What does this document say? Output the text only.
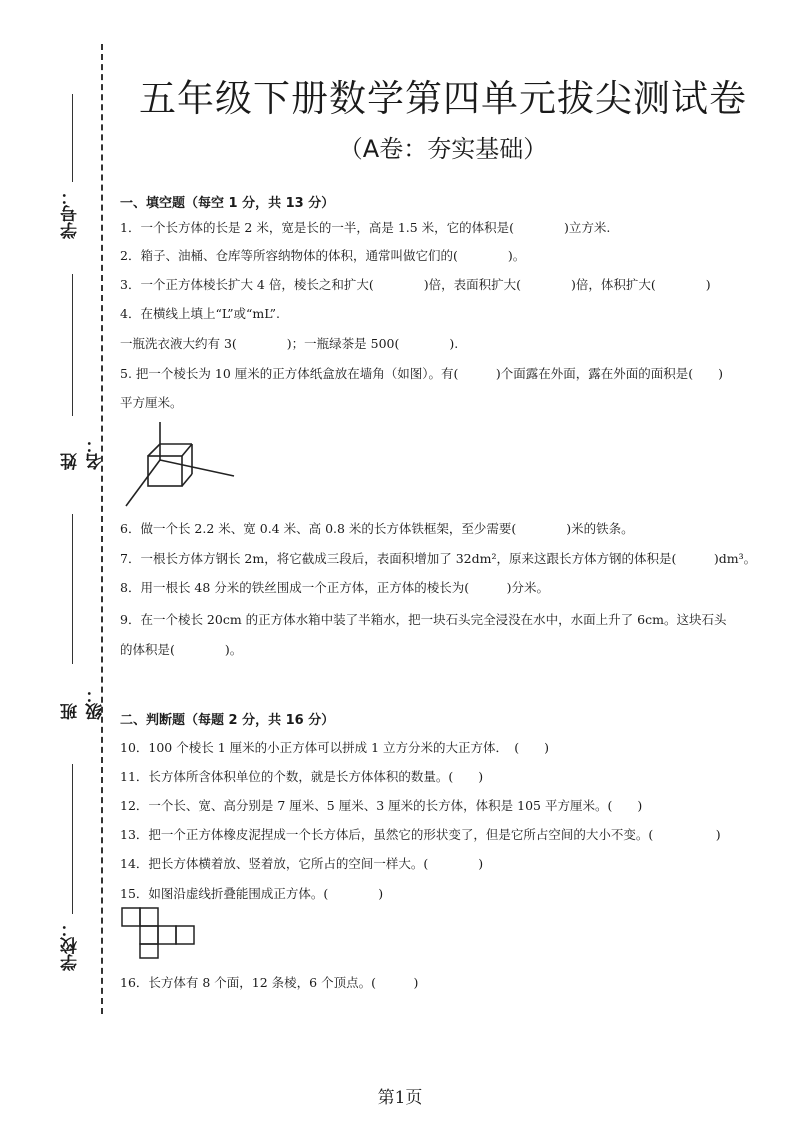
学号：
姓名：
班级：
学校：
五年级下册数学第四单元拔尖测试卷
（A卷：夯实基础）
一、填空题（每空 1 分，共 13 分）
1．一个长方体的长是 2 米，宽是长的一半，高是 1.5 米，它的体积是(　　　　)立方米.
2．箱子、油桶、仓库等所容纳物体的体积，通常叫做它们的(　　　　)。
3．一个正方体棱长扩大 4 倍，棱长之和扩大(　　　　)倍，表面积扩大(　　　　)倍，体积扩大(　　　　)
4．在横线上填上“L”或“mL”.
一瓶洗衣液大约有 3(　　　　)；一瓶绿茶是 500(　　　　).
5. 把一个棱长为 10 厘米的正方体纸盒放在墙角（如图）。有(　　　)个面露在外面，露在外面的面积是(　　)
平方厘米。
6．做一个长 2.2 米、宽 0.4 米、高 0.8 米的长方体铁框架，至少需要(　　　　)米的铁条。
7．一根长方体方钢长 2m，将它截成三段后，表面积增加了 32dm²，原来这跟长方体方钢的体积是(　　　)dm³。
8．用一根长 48 分米的铁丝围成一个正方体，正方体的棱长为(　　　)分米。
9．在一个棱长 20cm 的正方体水箱中装了半箱水，把一块石头完全浸没在水中，水面上升了 6cm。这块石头
的体积是(　　　　)。
二、判断题（每题 2 分，共 16 分）
10．100 个棱长 1 厘米的小正方体可以拼成 1 立方分米的大正方体．　(　　)
11．长方体所含体积单位的个数，就是长方体体积的数量。(　　)
12．一个长、宽、高分别是 7 厘米、5 厘米、3 厘米的长方体，体积是 105 平方厘米。(　　)
13．把一个正方体橡皮泥捏成一个长方体后，虽然它的形状变了，但是它所占空间的大小不变。(　　　　　)
14．把长方体横着放、竖着放，它所占的空间一样大。(　　　　)
15．如图沿虚线折叠能围成正方体。(　　　　)
16．长方体有 8 个面，12 条棱，6 个顶点。(　　　)
第1页
